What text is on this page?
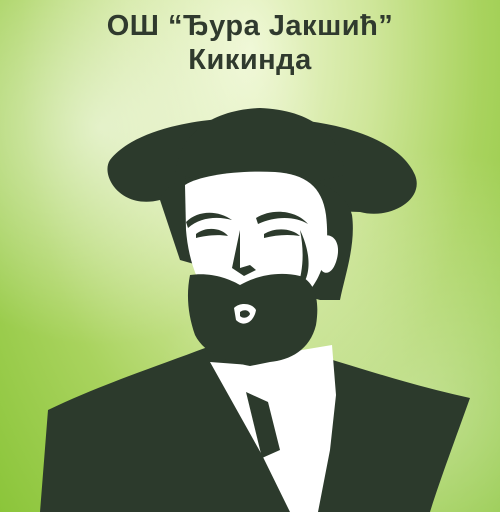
ОШ “Ђура Јакшић”
Кикинда
